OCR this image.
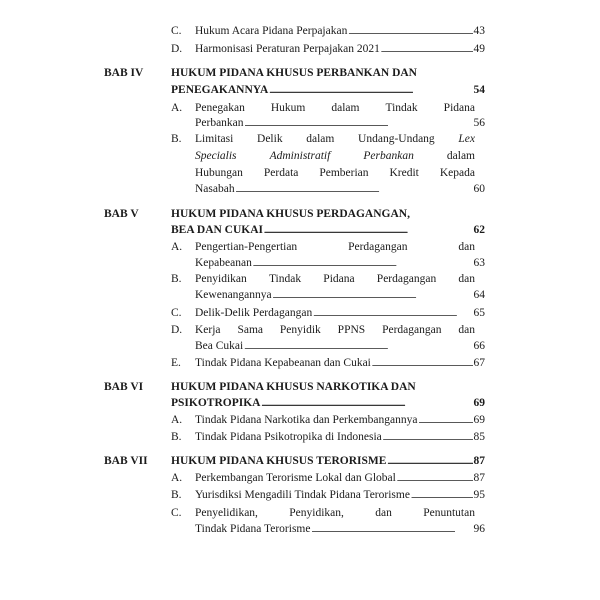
C. Hukum Acara Pidana Perpajakan . . .	43
D. Harmonisasi Peraturan Perpajakan 2021 . . .	49
BAB IV HUKUM PIDANA KHUSUS PERBANKAN DAN
PENEGAKANNYA . . .	54
A. Penegakan Hukum dalam Tindak Pidana
Perbankan . . .	56
B. Limitasi Delik dalam Undang-Undang Lex
Specialis	Administratif	Perbankan	dalam
Hubungan Perdata Pemberian Kredit Kepada
Nasabah . . .	60
BAB V	HUKUM PIDANA KHUSUS PERDAGANGAN,
BEA DAN CUKAI . . .	62
A. Pengertian-Pengertian	Perdagangan	dan
Kepabeanan . . .	63
B. Penyidikan Tindak Pidana Perdagangan dan
Kewenangannya . . .	64
C. Delik-Delik Perdagangan . . .	65
D. Kerja Sama Penyidik PPNS Perdagangan dan
Bea Cukai . . .	66
E. Tindak Pidana Kepabeanan dan Cukai . . .	67
BAB VI HUKUM PIDANA KHUSUS NARKOTIKA DAN
PSIKOTROPIKA . . .	69
A. Tindak Pidana Narkotika dan Perkembangannya . . .	69
B. Tindak Pidana Psikotropika di Indonesia . . .	85
BAB VII HUKUM PIDANA KHUSUS TERORISME . . .	87
A. Perkembangan Terorisme Lokal dan Global . . .	87
B. Yurisdiksi Mengadili Tindak Pidana Terorisme . . .	95
C. Penyelidikan,	Penyidikan,	dan	Penuntutan
Tindak Pidana Terorisme . . .	96
